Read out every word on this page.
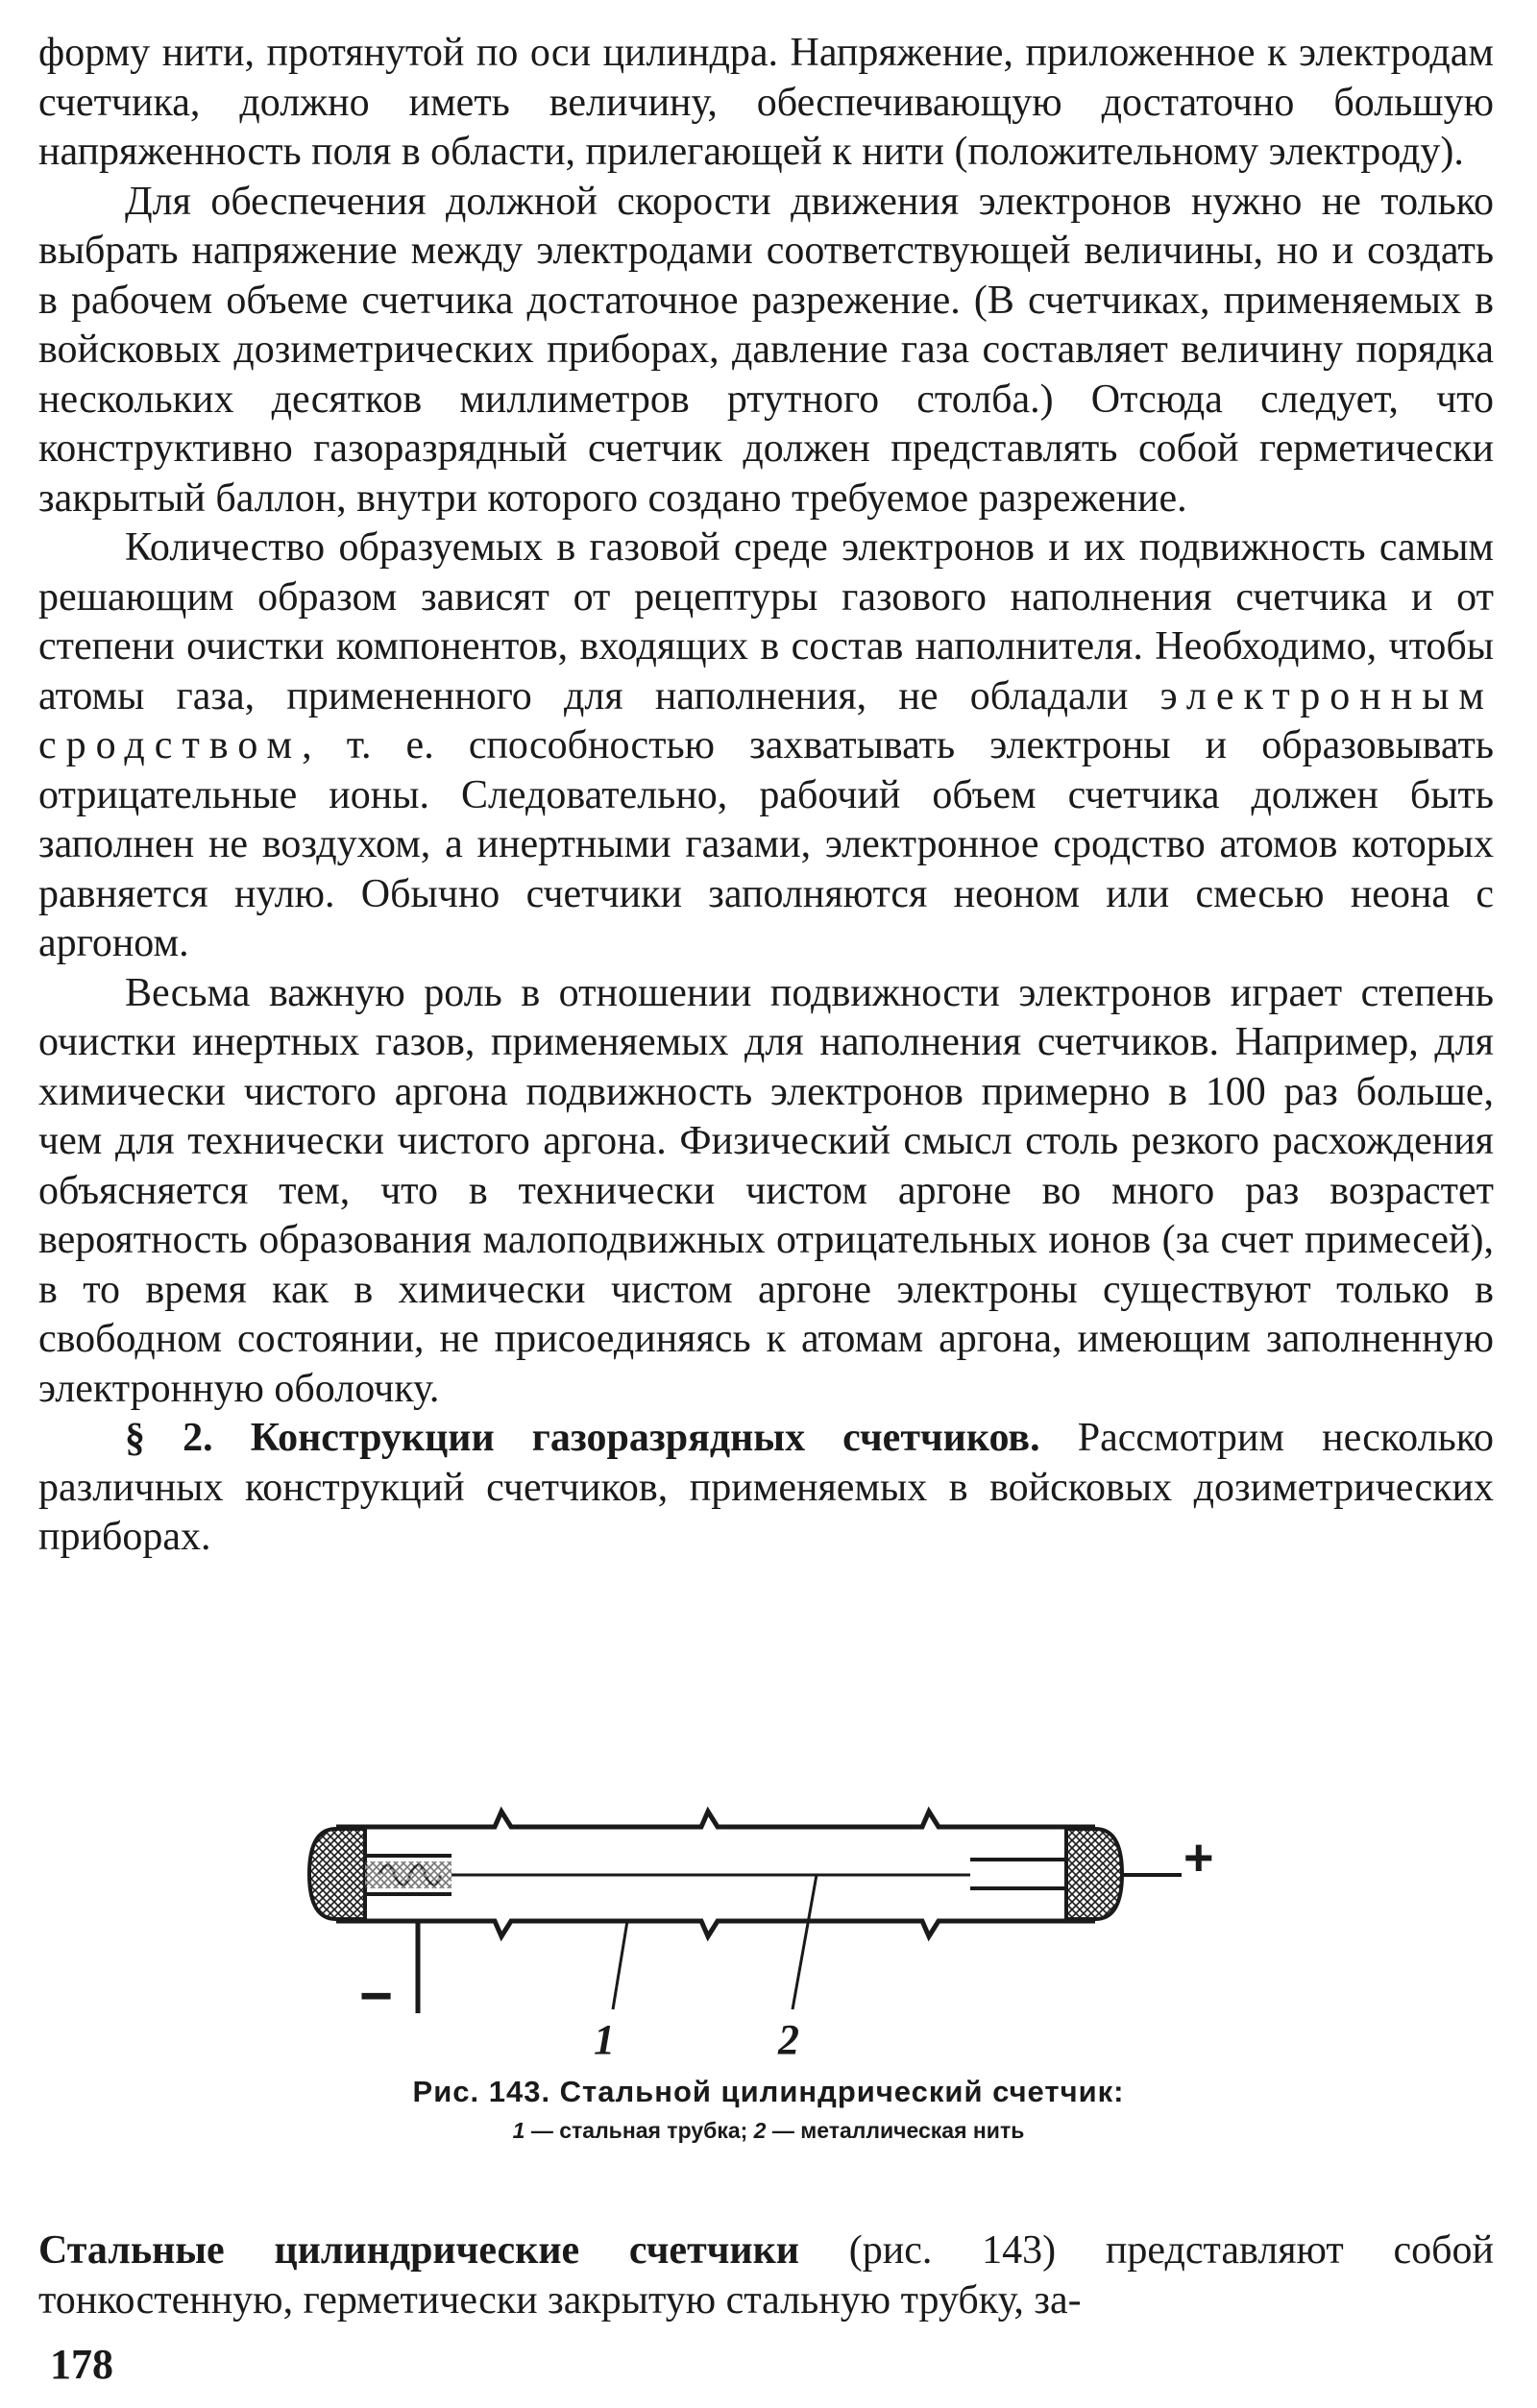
форму нити, протянутой по оси цилиндра. Напряжение, приложенное к электродам счетчика, должно иметь величину, обеспечивающую достаточно большую напряженность поля в области, прилегающей к нити (положительному электроду).

Для обеспечения должной скорости движения электронов нужно не только выбрать напряжение между электродами соответствующей величины, но и создать в рабочем объеме счетчика достаточное разрежение. (В счетчиках, применяемых в войсковых дозиметрических приборах, давление газа составляет величину порядка нескольких десятков миллиметров ртутного столба.) Отсюда следует, что конструктивно газоразрядный счетчик должен представлять собой герметически закрытый баллон, внутри которого создано требуемое разрежение.

Количество образуемых в газовой среде электронов и их подвижность самым решающим образом зависят от рецептуры газового наполнения счетчика и от степени очистки компонентов, входящих в состав наполнителя. Необходимо, чтобы атомы газа, примененного для наполнения, не обладали электронным сродством, т. е. способностью захватывать электроны и образовывать отрицательные ионы. Следовательно, рабочий объем счетчика должен быть заполнен не воздухом, а инертными газами, электронное сродство атомов которых равняется нулю. Обычно счетчики заполняются неоном или смесью неона с аргоном.

Весьма важную роль в отношении подвижности электронов играет степень очистки инертных газов, применяемых для наполнения счетчиков. Например, для химически чистого аргона подвижность электронов примерно в 100 раз больше, чем для технически чистого аргона. Физический смысл столь резкого расхождения объясняется тем, что в технически чистом аргоне во много раз возрастет вероятность образования малоподвижных отрицательных ионов (за счет примесей), в то время как в химически чистом аргоне электроны существуют только в свободном состоянии, не присоединяясь к атомам аргона, имеющим заполненную электронную оболочку.

§ 2. Конструкции газоразрядных счетчиков. Рассмотрим несколько различных конструкций счетчиков, применяемых в войсковых дозиметрических приборах.

+
−
1	2
Рис. 143. Стальной цилиндрический счетчик:
1 — стальная трубка; 2 — металлическая нить

Стальные цилиндрические счетчики (рис. 143) представляют собой тонкостенную, герметически закрытую стальную трубку, за-

178
